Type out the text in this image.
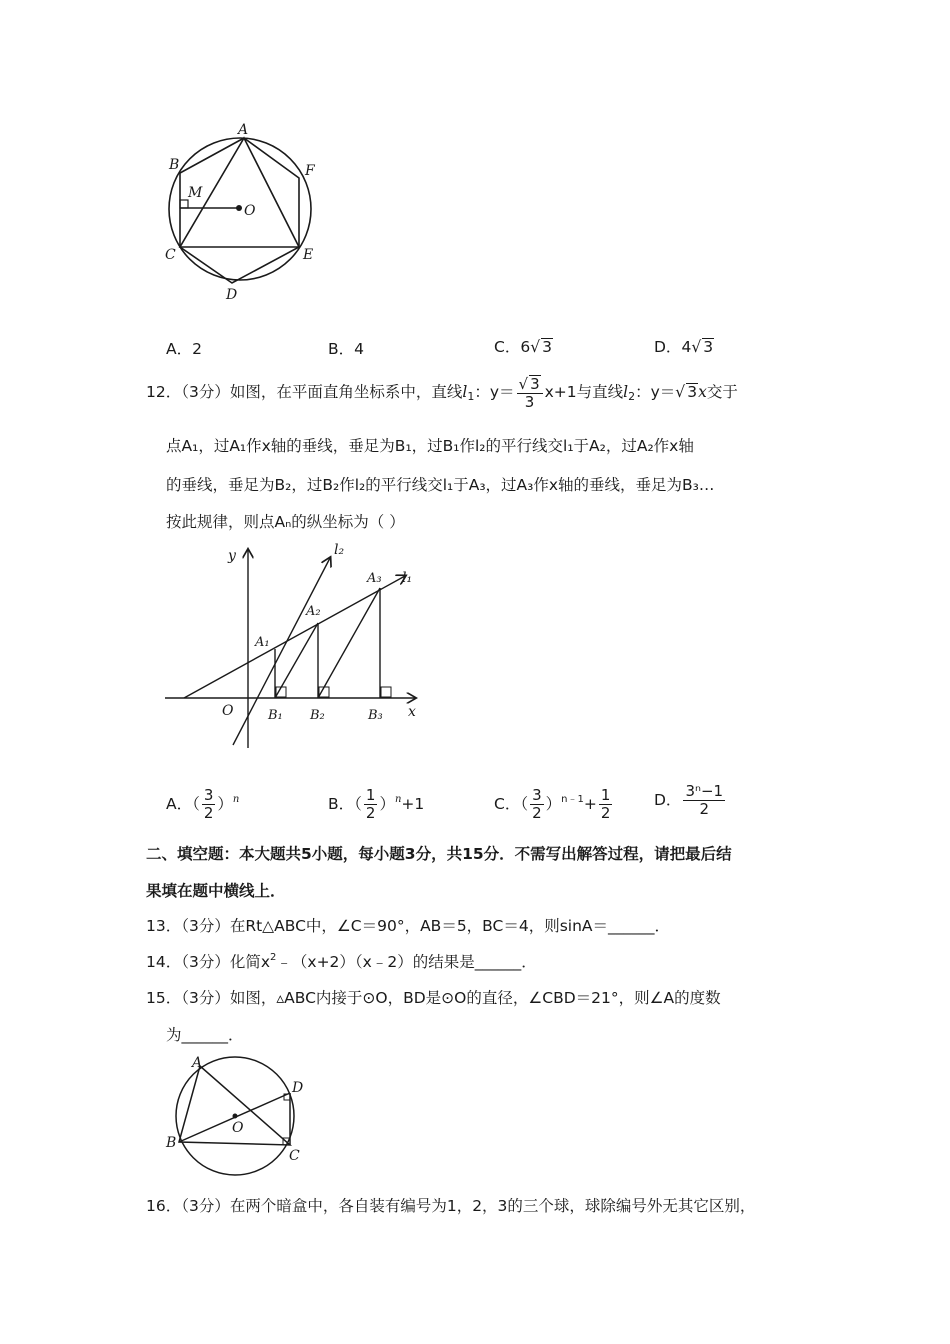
A
B	F
M
O
C	E
D
A．2	B．4	C．6√ 3	D．4√ 3
12．（3分）如图，在平面直角坐标系中，直线$l_1$：$y= \frac{√ 3}{3} x+1$与直线$l_2$：y＝√ 3x交于
点A₁，过A₁作x轴的垂线，垂足为B₁，过B₁作l₂的平行线交l₁于A₂，过A₂作x轴
的垂线，垂足为B₂，过B₂作l₂的平行线交l₁于A₃，过A₃作x轴的垂线，垂足为B₃…
按此规律，则点Aₙ的纵坐标为（ ）
y	l₂
A₃ l₁
A₂
A₁
O	B₁ B₂	B₃ x
A．（ $\frac{3}{2} )^n$	B．（ $\frac{1}{2} )^n+1$	C．（ $\frac{3}{2} )^{n﹣1}+ \frac{1}{2}$	D． $\frac{\text{3ⁿ−1}}{2}$
二、填空题：本大题共5小题，每小题3分，共15分．不需写出解答过程，请把最后结
果填在题中横线上．
13．（3分）在Rt△ABC中，∠C＝90°，AB＝5，BC＝4，则sinA＝______．
14．（3分）化简$x^2﹣(x+2)(x﹣2)$的结果是______．
15．（3分）如图，▵ABC内接于⊙O，BD是⊙O的直径，∠CBD＝21°，则∠A的度数
为______．
A
D
O
B
C
16．（3分）在两个暗盒中，各自装有编号为1，2，3的三个球，球除编号外无其它区别，
